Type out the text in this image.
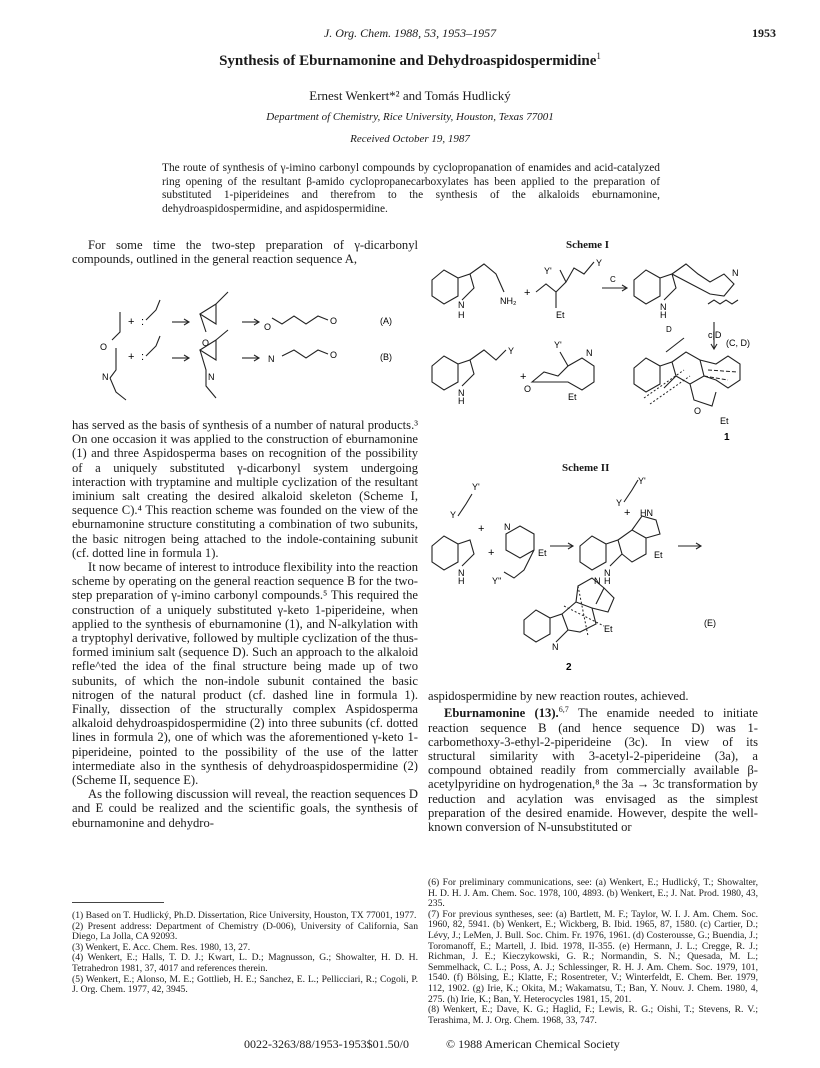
J. Org. Chem. 1988, 53, 1953–1957	1953
Synthesis of Eburnamonine and Dehydroaspidospermidine$^1$
Ernest Wenkert*² and Tomás Hudlický
Department of Chemistry, Rice University, Houston, Texas 77001
Received October 19, 1987
The route of synthesis of γ-imino carbonyl compounds by cyclopropanation of enamides and acid-catalyzed ring opening of the resultant β-amido cyclopropanecarboxylates has been applied to the preparation of substituted 1-piperideines and therefrom to the synthesis of the alkaloids eburnamonine, dehydroaspidospermidine, and aspidospermidine.

For some time the two-step preparation of γ-dicarbonyl compounds, outlined in the general reaction sequence A,

O
+ :
O
O
O	(A)
N
+ :
N
N	O	(B)

has served as the basis of synthesis of a number of natural products.³ On one occasion it was applied to the construction of eburnamonine (1) and three Aspidosperma bases on recognition of the possibility of a uniquely substituted γ-dicarbonyl system undergoing interaction with tryptamine and multiple cyclization of the resultant iminium salt creating the desired alkaloid skeleton (Scheme I, sequence C).⁴ This reaction scheme was founded on the view of the eburnamonine structure constituting a combination of two subunits, the basic nitrogen being attached to the indole-containing subunit (cf. dotted line in formula 1).

It now became of interest to introduce flexibility into the reaction scheme by operating on the general reaction sequence B for the two-step preparation of γ-imino carbonyl compounds.⁵ This required the construction of a uniquely substituted γ-keto 1-piperideine, when applied to the synthesis of eburnamonine (1), and N-alkylation with a tryptophyl derivative, followed by multiple cyclization of the thus-formed iminium salt (sequence D). Such an approach to the alkaloid refle^ted the idea of the final structure being made up of two subunits, of which the non-indole subunit contained the basic nitrogen of the natural product (cf. dashed line in formula 1). Finally, dissection of the structurally complex Aspidosperma alkaloid dehydroaspidospermidine (2) into three subunits (cf. dotted lines in formula 2), one of which was the aforementioned γ-keto 1-piperideine, pointed to the possibility of the use of the latter intermediate also in the synthesis of dehydroaspidospermidine (2) (Scheme II, sequence E).

As the following discussion will reveal, the reaction sequences D and E could be realized and the scientific goals, the synthesis of eburnamonine and dehydro-

(1) Based on T. Hudlický, Ph.D. Dissertation, Rice University, Houston, TX 77001, 1977.
(2) Present address: Department of Chemistry (D-006), University of California, San Diego, La Jolla, CA 92093.
(3) Wenkert, E. Acc. Chem. Res. 1980, 13, 27.
(4) Wenkert, E.; Halls, T. D. J.; Kwart, L. D.; Magnusson, G.; Showalter, H. D. H. Tetrahedron 1981, 37, 4017 and references therein.
(5) Wenkert, E.; Alonso, M. E.; Gottlieb, H. E.; Sanchez, E. L.; Pellicciari, R.; Cogoli, P. J. Org. Chem. 1977, 42, 3945.
Scheme I
N
H
NH₂
+
Y'
Y
Et
C
N
H
N
c|D
(C, D)
D
Y
N
H
+
O
N
Y'
Et
O
Et
1
Scheme II
N
H
Y
Y'
+
+
Y''
N
Et
N
H
Et
HN
+
Y
Y'
N
N
Et
(E)
2

aspidospermidine by new reaction routes, achieved.

Eburnamonine (13).$^{6,7}$ The enamide needed to initiate reaction sequence B (and hence sequence D) was 1-carbomethoxy-3-ethyl-2-piperideine (3c). In view of its structural similarity with 3-acetyl-2-piperideine (3a), a compound obtained readily from commercially available β-acetylpyridine on hydrogenation,⁸ the 3a → 3c transformation by reduction and acylation was envisaged as the simplest preparation of the desired enamide. However, despite the well-known conversion of N-unsubstituted or

(6) For preliminary communications, see: (a) Wenkert, E.; Hudlický, T.; Showalter, H. D. H. J. Am. Chem. Soc. 1978, 100, 4893. (b) Wenkert, E.; J. Nat. Prod. 1980, 43, 235.
(7) For previous syntheses, see: (a) Bartlett, M. F.; Taylor, W. I. J. Am. Chem. Soc. 1960, 82, 5941. (b) Wenkert, E.; Wickberg, B. Ibid. 1965, 87, 1580. (c) Cartier, D.; Lévy, J.; LeMen, J. Bull. Soc. Chim. Fr. 1976, 1961. (d) Costerousse, G.; Buendia, J.; Toromanoff, E.; Martell, J. Ibid. 1978, II-355. (e) Hermann, J. L.; Cregge, R. J.; Richman, J. E.; Kieczykowski, G. R.; Normandin, S. N.; Quesada, M. L.; Semmelhack, C. L.; Poss, A. J.; Schlessinger, R. H. J. Am. Chem. Soc. 1979, 101, 1540. (f) Bölsing, E.; Klatte, F.; Rosentreter, V.; Winterfeldt, E. Chem. Ber. 1979, 112, 1902. (g) Irie, K.; Okita, M.; Wakamatsu, T.; Ban, Y. Nouv. J. Chem. 1980, 4, 275. (h) Irie, K.; Ban, Y. Heterocycles 1981, 15, 201.
(8) Wenkert, E.; Dave, K. G.; Haglid, F.; Lewis, R. G.; Oishi, T.; Stevens, R. V.; Terashima, M. J. Org. Chem. 1968, 33, 747.
0022-3263/88/1953-1953$01.50/0	© 1988 American Chemical Society
